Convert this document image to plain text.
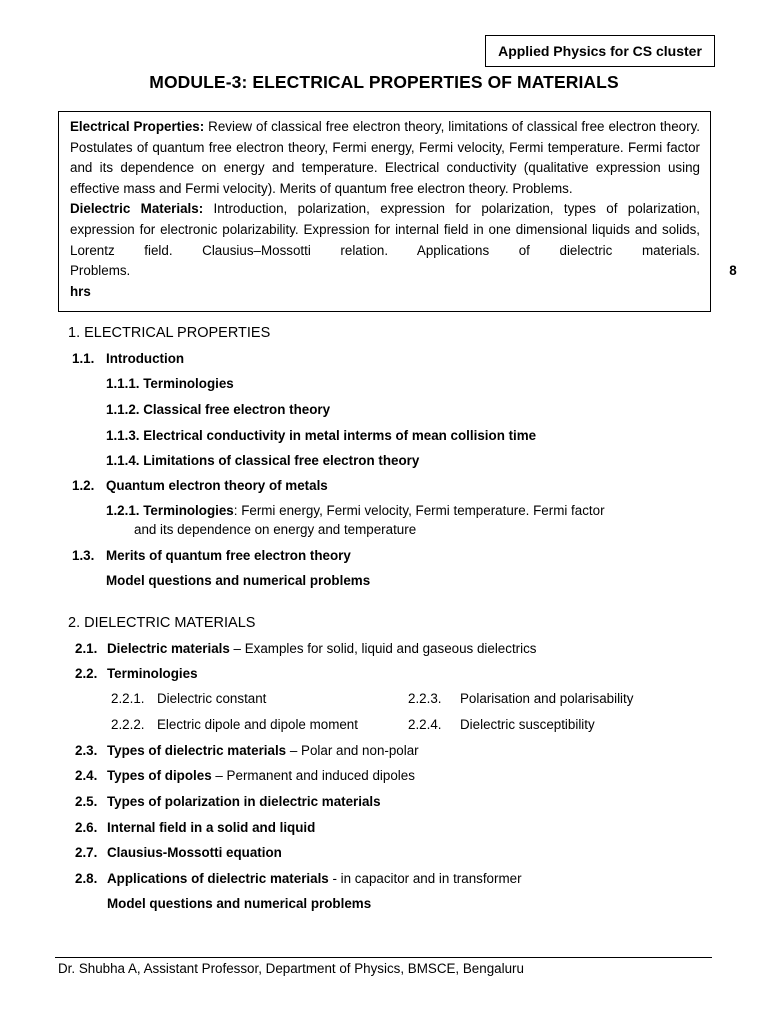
Applied Physics for CS cluster
MODULE-3: ELECTRICAL PROPERTIES OF MATERIALS

Electrical Properties: Review of classical free electron theory, limitations of classical free electron theory. Postulates of quantum free electron theory, Fermi energy, Fermi velocity, Fermi temperature. Fermi factor and its dependence on energy and temperature. Electrical conductivity (qualitative expression using effective mass and Fermi velocity). Merits of quantum free electron theory. Problems.

Dielectric Materials: Introduction, polarization, expression for polarization, types of polarization, expression for electronic polarizability. Expression for internal field in one dimensional liquids and solids, Lorentz field. Clausius–Mossotti relation. Applications of dielectric materials. Problems.	8 hrs

1. ELECTRICAL PROPERTIES
1.1. Introduction
1.1.1. Terminologies
1.1.2. Classical free electron theory
1.1.3. Electrical conductivity in metal interms of mean collision time
1.1.4. Limitations of classical free electron theory
1.2. Quantum electron theory of metals
1.2.1. Terminologies: Fermi energy, Fermi velocity, Fermi temperature. Fermi factor
and its dependence on energy and temperature
1.3. Merits of quantum free electron theory
Model questions and numerical problems
2. DIELECTRIC MATERIALS
2.1. Dielectric materials – Examples for solid, liquid and gaseous dielectrics
2.2. Terminologies
2.2.1. Dielectric constant	2.2.3. Polarisation and polarisability
2.2.2. Electric dipole and dipole moment	2.2.4. Dielectric susceptibility
2.3. Types of dielectric materials – Polar and non-polar
2.4. Types of dipoles – Permanent and induced dipoles
2.5. Types of polarization in dielectric materials
2.6. Internal field in a solid and liquid
2.7. Clausius-Mossotti equation
2.8. Applications of dielectric materials - in capacitor and in transformer
Model questions and numerical problems
Dr. Shubha A, Assistant Professor, Department of Physics, BMSCE, Bengaluru
